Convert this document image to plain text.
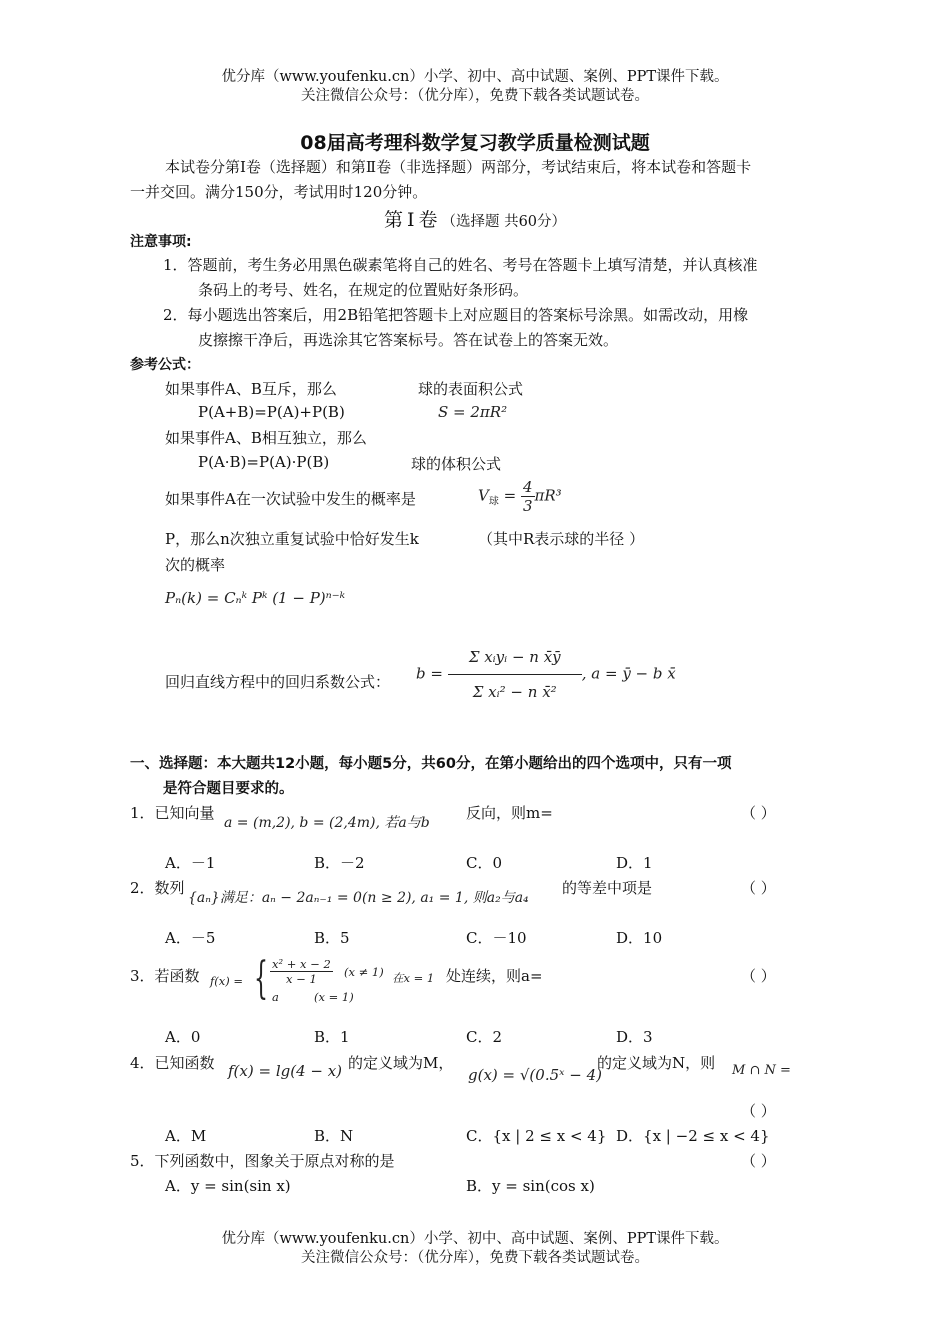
优分库（www.youfenku.cn）小学、初中、高中试题、案例、PPT课件下载。
关注微信公众号：（优分库），免费下载各类试题试卷。
08届高考理科数学复习教学质量检测试题
本试卷分第Ⅰ卷（选择题）和第Ⅱ卷（非选择题）两部分，考试结束后，将本试卷和答题卡
一并交回。满分150分，考试用时120分钟。
第Ⅰ卷（选择题 共60分）
注意事项:
1．答题前，考生务必用黑色碳素笔将自己的姓名、考号在答题卡上填写清楚，并认真核准
条码上的考号、姓名，在规定的位置贴好条形码。
2．每小题选出答案后，用2B铅笔把答题卡上对应题目的答案标号涂黑。如需改动，用橡
皮擦擦干净后，再选涂其它答案标号。答在试卷上的答案无效。
参考公式：
如果事件A、B互斥，那么	球的表面积公式
P(A+B)=P(A)+P(B)	S = 2πR²
如果事件A、B相互独立，那么
P(A·B)=P(A)·P(B)	球的体积公式
如果事件A在一次试验中发生的概率是	$V_球 = \frac{4}{3} \pi R^3$
P，那么n次独立重复试验中恰好发生k	（其中R表示球的半径 ）
次的概率
Pₙ(k) = Cₙᵏ Pᵏ (1 − P)ⁿ⁻ᵏ
回归直线方程中的回归系数公式： $b = \frac{\text{Σ xᵢyᵢ − n x̄ȳ}}{\text{Σ xᵢ² − n x̄²}}$ , a = ȳ − b x̄
一、选择题：本大题共12小题，每小题5分，共60分，在第小题给出的四个选项中，只有一项
是符合题目要求的。
1．已知向量
a = (m,2), b = (2,4m), 若a与b
反向，则m=	（ ）
A．－1	B．－2	C．0	D．1
2．数列
{aₙ}满足：aₙ − 2aₙ₋₁ = 0(n ≥ 2), a₁ = 1, 则a₂与a₄
的等差中项是	（ ）
A．－5	B．5	C．－10	D．10
3．若函数 f(x) = { $\frac{\text{x² + x − 2}}{x - 1} (x \ne 1)$ 在x = 1
a	(x = 1)
处连续，则a=	（ ）
A．0	B．1	C．2	D．3
4．已知函数 f(x) = lg(4 − x) 的定义域为M，
g(x) = √(0.5ˣ − 4)
的定义域为N，则 M ∩ N =
（ ）
A．M	B．N	C．{x | 2 ≤ x < 4} D．{x | −2 ≤ x < 4}
5．下列函数中，图象关于原点对称的是	（ ）
A．y = sin(sin x)	B．y = sin(cos x)
优分库（www.youfenku.cn）小学、初中、高中试题、案例、PPT课件下载。
关注微信公众号：（优分库），免费下载各类试题试卷。
